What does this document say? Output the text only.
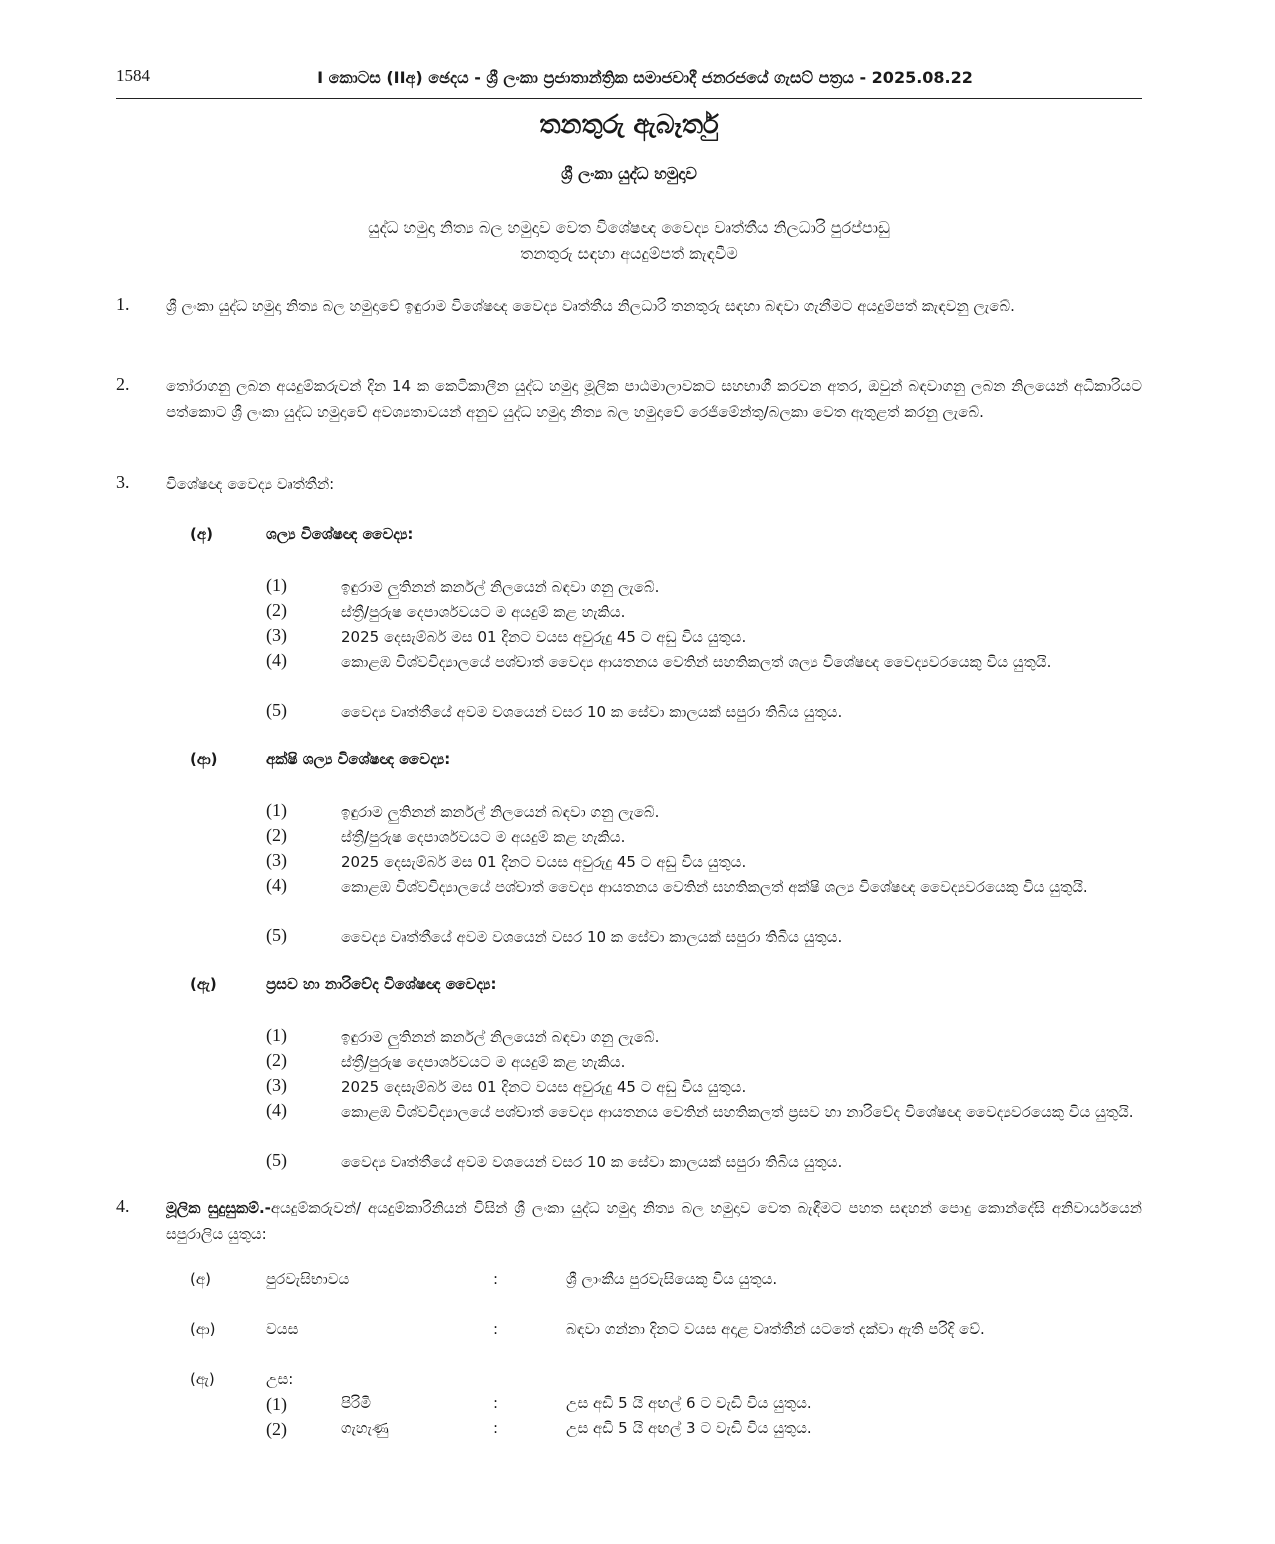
1584	I කොටස (IIඅ) ඡෙදය - ශ්‍රී ලංකා ප්‍රජාතාන්ත්‍රික සමාජවාදී ජනරජයේ ගැසට් පත්‍රය - 2025.08.22
තනතුරු ඇබෑර්තු
ශ්‍රී ලංකා යුද්ධ හමුදාව
යුද්ධ හමුදා නිත්‍ය බල හමුදාව වෙත විශේෂඥ වෛද්‍ය වෘත්තීය නිලධාරි පුරප්පාඩු
තනතුරු සඳහා අයදුම්පත් කැඳවීම
1. ශ්‍රී ලංකා යුද්ධ හමුදා නිත්‍ය බල හමුදාවේ ඉඳුරාම විශේෂඥ වෛද්‍ය වෘත්තීය නිලධාරි තනතුරු සඳහා බඳවා ගැනීමට අයදුම්පත් කැඳවනු ලැබේ.
2. තෝරාගනු ලබන අයදුම්කරුවන් දින 14 ක කෙටිකාලීන යුද්ධ හමුදා මූලික පාඨමාලාවකට සහභාගී කරවන අතර, ඔවුන් බඳවාගනු ලබන නිලයෙන් අධිකාරියට පත්කොට ශ්‍රී ලංකා යුද්ධ හමුදාවේ අවශ්‍යතාවයන් අනුව යුද්ධ හමුදා නිත්‍ය බල හමුදාවේ රෙජිමේන්තු/බලකා වෙත ඇතුළත් කරනු ලැබේ.
3. විශේෂඥ වෛද්‍ය වෘත්තීන්:
(අ)	ශල්‍ය විශේෂඥ වෛද්‍ය:
(1)	ඉඳුරාම ලුතිනන් කර්නල් නිලයෙන් බඳවා ගනු ලැබේ.
(2)	ස්ත්‍රී/පුරුෂ දෙපාර්ශවයට ම අයදුම් කළ හැකිය.
(3)	2025 දෙසැම්බර් මස 01 දිනට වයස අවුරුදු 45 ට අඩු විය යුතුය.
(4)	කොළඹ විශ්වවිද්‍යාලයේ පශ්චාත් වෛද්‍ය ආයතනය වෙතින් සහතිකලත් ශල්‍ය විශේෂඥ වෛද්‍යවරයෙකු විය යුතුයි.
(5)	වෛද්‍ය වෘත්තීයේ අවම වශයෙන් වසර 10 ක සේවා කාලයක් සපුරා තිබිය යුතුය.
(ආ)	අක්ෂි ශල්‍ය විශේෂඥ වෛද්‍ය:
(1)	ඉඳුරාම ලුතිනන් කර්නල් නිලයෙන් බඳවා ගනු ලැබේ.
(2)	ස්ත්‍රී/පුරුෂ දෙපාර්ශවයට ම අයදුම් කළ හැකිය.
(3)	2025 දෙසැම්බර් මස 01 දිනට වයස අවුරුදු 45 ට අඩු විය යුතුය.
(4)	කොළඹ විශ්වවිද්‍යාලයේ පශ්චාත් වෛද්‍ය ආයතනය වෙතින් සහතිකලත් අක්ෂි ශල්‍ය විශේෂඥ වෛද්‍යවරයෙකු විය යුතුයි.
(5)	වෛද්‍ය වෘත්තීයේ අවම වශයෙන් වසර 10 ක සේවා කාලයක් සපුරා තිබිය යුතුය.
(ඇ)	ප්‍රසව හා නාරිවේද විශේෂඥ වෛද්‍ය:
(1)	ඉඳුරාම ලුතිනන් කර්නල් නිලයෙන් බඳවා ගනු ලැබේ.
(2)	ස්ත්‍රී/පුරුෂ දෙපාර්ශවයට ම අයදුම් කළ හැකිය.
(3)	2025 දෙසැම්බර් මස 01 දිනට වයස අවුරුදු 45 ට අඩු විය යුතුය.
(4)	කොළඹ විශ්වවිද්‍යාලයේ පශ්චාත් වෛද්‍ය ආයතනය වෙතින් සහතිකලත් ප්‍රසව හා නාරිවේද විශේෂඥ වෛද්‍යවරයෙකු විය යුතුයි.
(5)	වෛද්‍ය වෘත්තීයේ අවම වශයෙන් වසර 10 ක සේවා කාලයක් සපුරා තිබිය යුතුය.
4. මූලික සුදුසුකම්.-අයදුම්කරුවන්/ අයදුම්කාරිනියන් විසින් ශ්‍රී ලංකා යුද්ධ හමුදා නිත්‍ය බල හමුදාව වෙත බැඳීමට පහත සඳහන් පොදු කොන්දේසි අනිවාර්යයෙන් සපුරාලිය යුතුය:
(අ)	පුරවැසිභාවය	:	ශ්‍රී ලාංකීය පුරවැසියෙකු විය යුතුය.
(ආ)	වයස	:	බඳවා ගන්නා දිනට වයස අදාළ වෘත්තීන් යටතේ දක්වා ඇති පරිදි වේ.
(ඇ)	උස:
(1)	පිරිමි	:	උස අඩි 5 යි අඟල් 6 ට වැඩි විය යුතුය.
(2)	ගැහැණු	:	උස අඩි 5 යි අඟල් 3 ට වැඩි විය යුතුය.
